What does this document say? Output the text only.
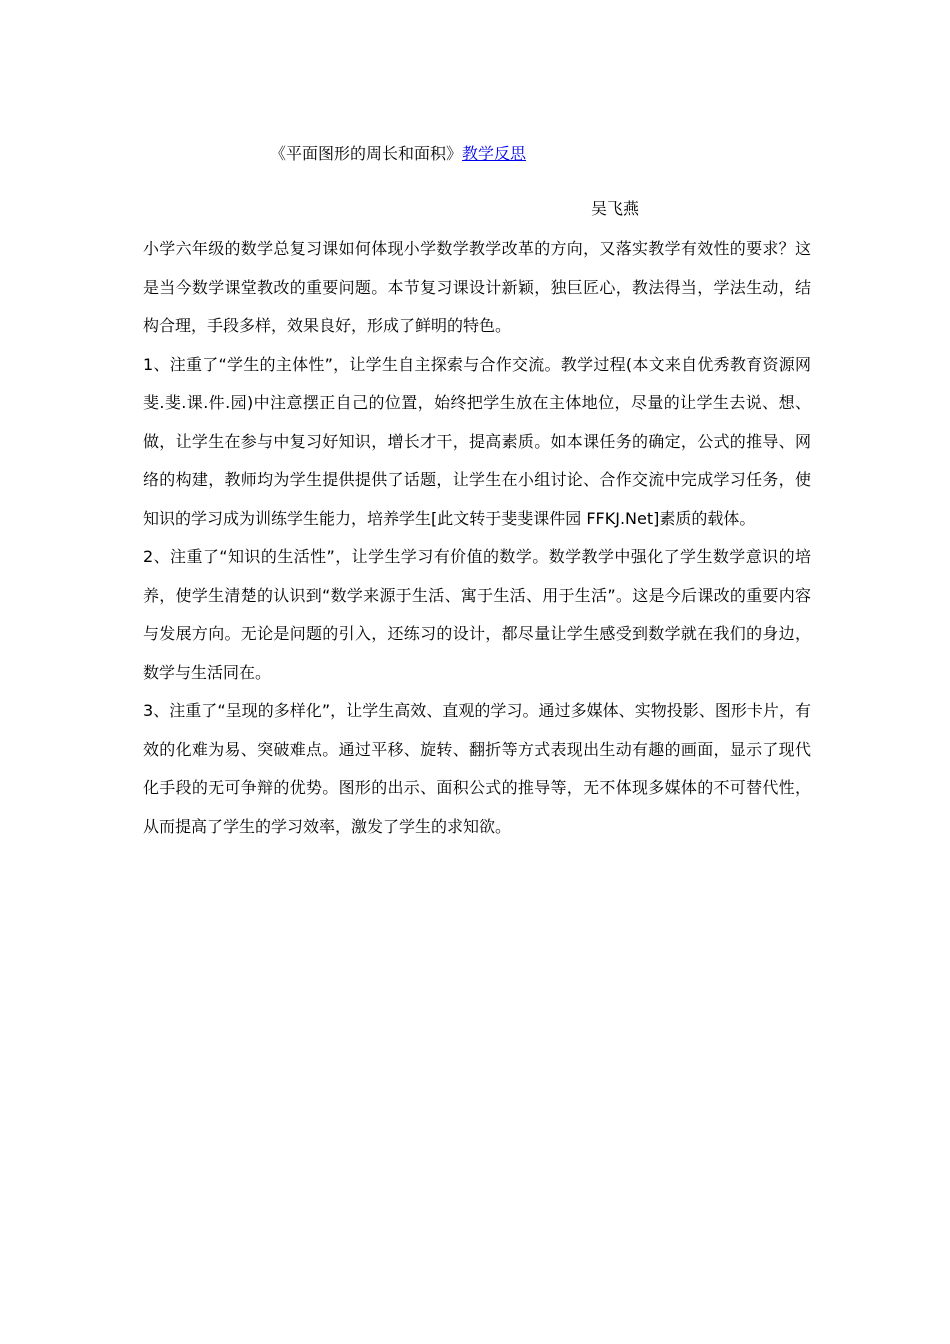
《平面图形的周长和面积》教学反思
吴飞燕

小学六年级的数学总复习课如何体现小学数学教学改革的方向，又落实教学有效性的要求？这是当今数学课堂教改的重要问题。本节复习课设计新颖，独巨匠心，教法得当，学法生动，结构合理，手段多样，效果良好，形成了鲜明的特色。

1、注重了“学生的主体性”，让学生自主探索与合作交流。教学过程(本文来自优秀教育资源网斐.斐.课.件.园)中注意摆正自己的位置，始终把学生放在主体地位，尽量的让学生去说、想、做，让学生在参与中复习好知识，增长才干，提高素质。如本课任务的确定，公式的推导、网络的构建，教师均为学生提供提供了话题，让学生在小组讨论、合作交流中完成学习任务，使知识的学习成为训练学生能力，培养学生[此文转于斐斐课件园 FFKJ.Net]素质的载体。

2、注重了“知识的生活性”，让学生学习有价值的数学。数学教学中强化了学生数学意识的培养，使学生清楚的认识到“数学来源于生活、寓于生活、用于生活”。这是今后课改的重要内容与发展方向。无论是问题的引入，还练习的设计，都尽量让学生感受到数学就在我们的身边，数学与生活同在。

3、注重了“呈现的多样化”，让学生高效、直观的学习。通过多媒体、实物投影、图形卡片，有效的化难为易、突破难点。通过平移、旋转、翻折等方式表现出生动有趣的画面，显示了现代化手段的无可争辩的优势。图形的出示、面积公式的推导等，无不体现多媒体的不可替代性，从而提高了学生的学习效率，激发了学生的求知欲。
